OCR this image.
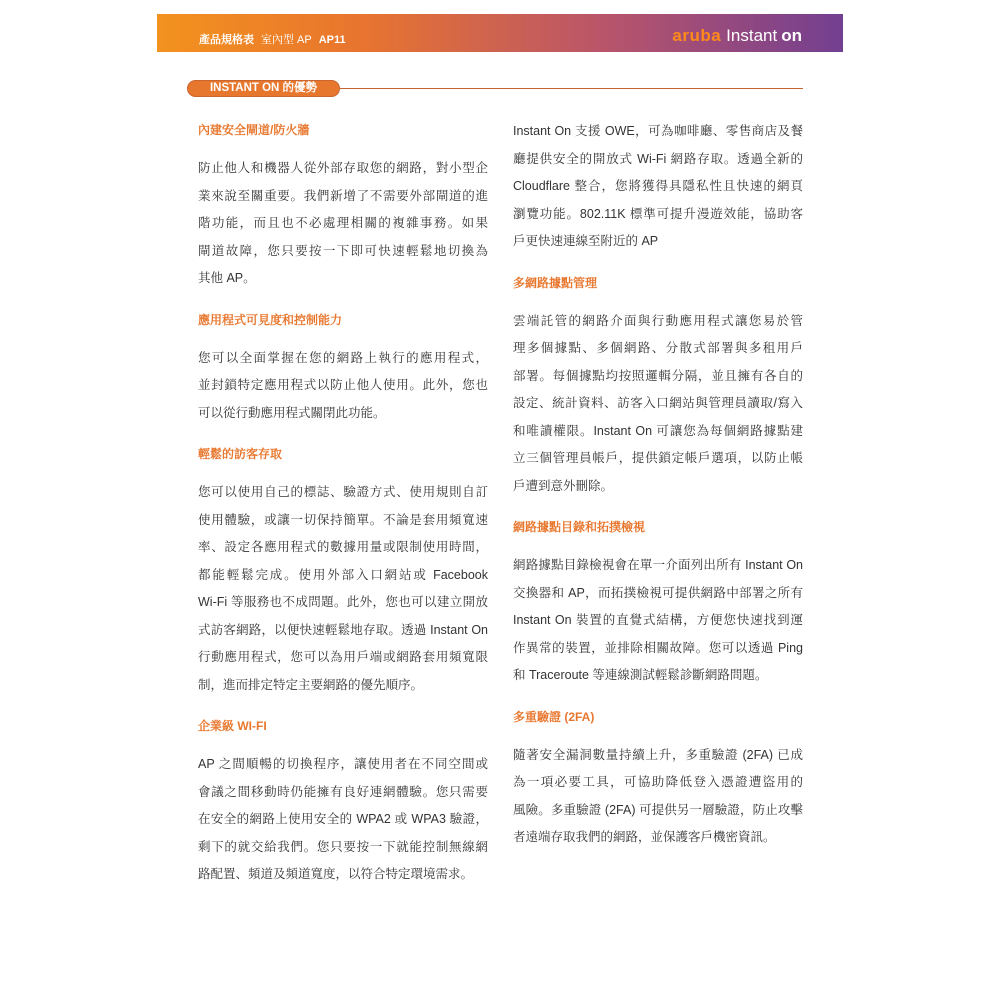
產品規格表 室內型 AP AP11	aruba Instant on
INSTANT ON 的優勢
內建安全閘道/防火牆
防止他人和機器人從外部存取您的網路，對小型企
業來說至關重要。我們新增了不需要外部閘道的進
階功能，而且也不必處理相關的複雜事務。如果
閘道故障，您只要按一下即可快速輕鬆地切換為
其他 AP。
應用程式可見度和控制能力
您可以全面掌握在您的網路上執行的應用程式，
並封鎖特定應用程式以防止他人使用。此外，您也
可以從行動應用程式關閉此功能。
輕鬆的訪客存取
您可以使用自己的標誌、驗證方式、使用規則自訂
使用體驗，或讓一切保持簡單。不論是套用頻寬速
率、設定各應用程式的數據用量或限制使用時間，
都能輕鬆完成。使用外部入口網站或 Facebook
Wi-Fi 等服務也不成問題。此外，您也可以建立開放
式訪客網路，以便快速輕鬆地存取。透過 Instant On
行動應用程式，您可以為用戶端或網路套用頻寬限
制，進而排定特定主要網路的優先順序。
企業級 WI-FI
AP 之間順暢的切換程序，讓使用者在不同空間或
會議之間移動時仍能擁有良好連網體驗。您只需要
在安全的網路上使用安全的 WPA2 或 WPA3 驗證，
剩下的就交給我們。您只要按一下就能控制無線網
路配置、頻道及頻道寬度，以符合特定環境需求。
Instant On 支援 OWE，可為咖啡廳、零售商店及餐
廳提供安全的開放式 Wi-Fi 網路存取。透過全新的
Cloudflare 整合，您將獲得具隱私性且快速的網頁
瀏覽功能。802.11K 標準可提升漫遊效能，協助客
戶更快速連線至附近的 AP
多網路據點管理
雲端託管的網路介面與行動應用程式讓您易於管
理多個據點、多個網路、分散式部署與多租用戶
部署。每個據點均按照邏輯分隔，並且擁有各自的
設定、統計資料、訪客入口網站與管理員讀取/寫入
和唯讀權限。Instant On 可讓您為每個網路據點建
立三個管理員帳戶，提供鎖定帳戶選項，以防止帳
戶遭到意外刪除。
網路據點目錄和拓撲檢視
網路據點目錄檢視會在單一介面列出所有 Instant On
交換器和 AP，而拓撲檢視可提供網路中部署之所有
Instant On 裝置的直覺式結構，方便您快速找到運
作異常的裝置，並排除相關故障。您可以透過 Ping
和 Traceroute 等連線測試輕鬆診斷網路問題。
多重驗證 (2FA)
隨著安全漏洞數量持續上升，多重驗證 (2FA) 已成
為一項必要工具，可協助降低登入憑證遭盜用的
風險。多重驗證 (2FA) 可提供另一層驗證，防止攻擊
者遠端存取我們的網路，並保護客戶機密資訊。
